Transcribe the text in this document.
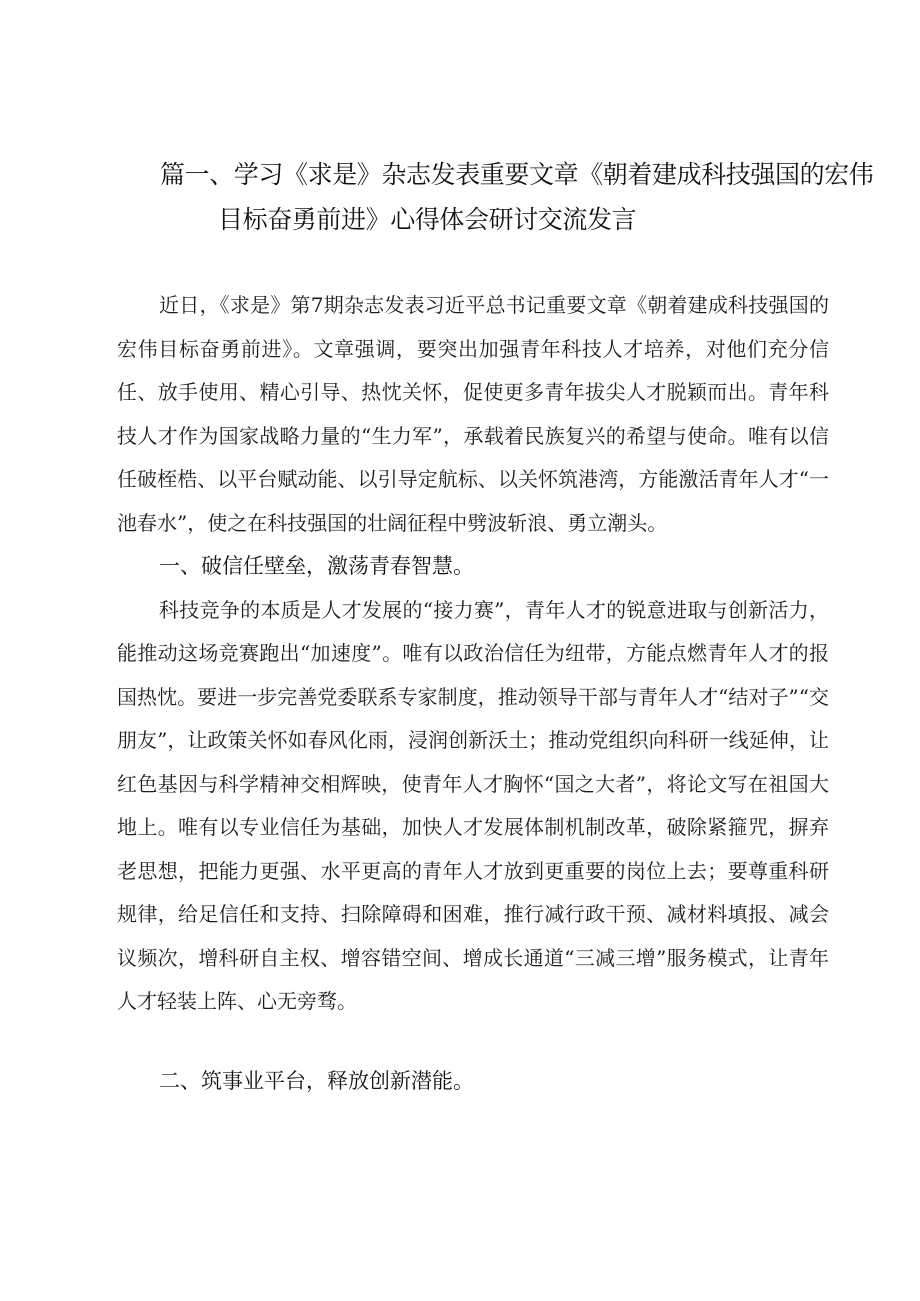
篇一、学习《求是》杂志发表重要文章《朝着建成科技强国的宏伟
目标奋勇前进》心得体会研讨交流发言

近日，《求是》第7期杂志发表习近平总书记重要文章《朝着建成科技强国的宏伟目标奋勇前进》。文章强调，要突出加强青年科技人才培养，对他们充分信任、放手使用、精心引导、热忱关怀，促使更多青年拔尖人才脱颖而出。青年科技人才作为国家战略力量的“生力军”，承载着民族复兴的希望与使命。唯有以信任破桎梏、以平台赋动能、以引导定航标、以关怀筑港湾，方能激活青年人才“一池春水”，使之在科技强国的壮阔征程中劈波斩浪、勇立潮头。

一、破信任壁垒，激荡青春智慧。

科技竞争的本质是人才发展的“接力赛”，青年人才的锐意进取与创新活力，能推动这场竞赛跑出“加速度”。唯有以政治信任为纽带，方能点燃青年人才的报国热忱。要进一步完善党委联系专家制度，推动领导干部与青年人才“结对子”“交朋友”，让政策关怀如春风化雨，浸润创新沃土；推动党组织向科研一线延伸，让红色基因与科学精神交相辉映，使青年人才胸怀“国之大者”，将论文写在祖国大地上。唯有以专业信任为基础，加快人才发展体制机制改革，破除紧箍咒，摒弃老思想，把能力更强、水平更高的青年人才放到更重要的岗位上去；要尊重科研规律，给足信任和支持、扫除障碍和困难，推行减行政干预、减材料填报、减会议频次，增科研自主权、增容错空间、增成长通道“三减三增”服务模式，让青年人才轻装上阵、心无旁骛。

二、筑事业平台，释放创新潜能。
